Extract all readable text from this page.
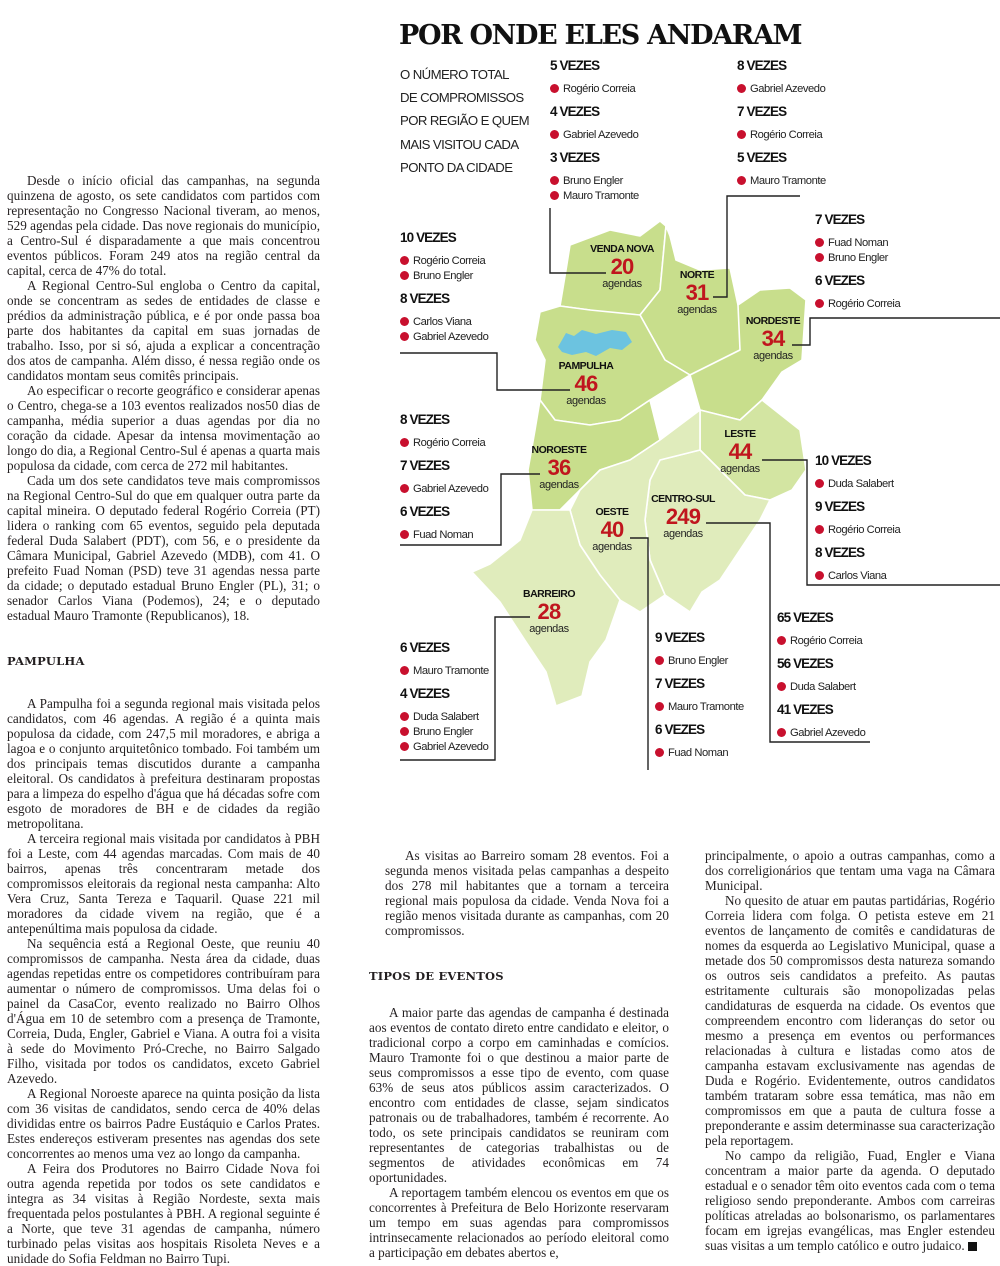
POR ONDE ELES ANDARAM
O NÚMERO TOTAL
DE COMPROMISSOS
POR REGIÃO E QUEM
MAIS VISITOU CADA
PONTO DA CIDADE
5 VEZES
Rogério Correia
4 VEZES
Gabriel Azevedo
3 VEZES
Bruno Engler
Mauro Tramonte
8 VEZES
Gabriel Azevedo
7 VEZES
Rogério Correia
5 VEZES
Mauro Tramonte
7 VEZES
Fuad Noman
Bruno Engler
6 VEZES
Rogério Correia
10 VEZES
Rogério Correia
Bruno Engler
8 VEZES
Carlos Viana
Gabriel Azevedo
8 VEZES
Rogério Correia
7 VEZES
Gabriel Azevedo
6 VEZES
Fuad Noman
10 VEZES
Duda Salabert
9 VEZES
Rogério Correia
8 VEZES
Carlos Viana
65 VEZES
Rogério Correia
56 VEZES
Duda Salabert
41 VEZES
Gabriel Azevedo
9 VEZES
Bruno Engler
7 VEZES
Mauro Tramonte
6 VEZES
Fuad Noman
6 VEZES
Mauro Tramonte
4 VEZES
Duda Salabert
Bruno Engler
Gabriel Azevedo
VENDA NOVA
20
agendas
NORTE
31
agendas
NORDESTE
34
agendas
PAMPULHA
46
agendas
NOROESTE
36
agendas
LESTE
44
agendas
OESTE
40
agendas
CENTRO-SUL
249
agendas
BARREIRO
28
agendas

Desde o início oficial das campanhas, na segunda quinzena de agosto, os sete candidatos com partidos com representação no Congresso Nacional tiveram, ao menos, 529 agendas pela cidade. Das nove regionais do município, a Centro-Sul é disparadamente a que mais concentrou eventos públicos. Foram 249 atos na região central da capital, cerca de 47% do total.

A Regional Centro-Sul engloba o Centro da capital, onde se concentram as sedes de entidades de classe e prédios da administração pública, e é por onde passa boa parte dos habitantes da capital em suas jornadas de trabalho. Isso, por si só, ajuda a explicar a concentração dos atos de campanha. Além disso, é nessa região onde os candidatos montam seus comitês principais.

Ao especificar o recorte geográfico e considerar apenas o Centro, chega-se a 103 eventos realizados nos50 dias de campanha, média superior a duas agendas por dia no coração da cidade. Apesar da intensa movimentação ao longo do dia, a Regional Centro-Sul é apenas a quarta mais populosa da cidade, com cerca de 272 mil habitantes.

Cada um dos sete candidatos teve mais compromissos na Regional Centro-Sul do que em qualquer outra parte da capital mineira. O deputado federal Rogério Correia (PT) lidera o ranking com 65 eventos, seguido pela deputada federal Duda Salabert (PDT), com 56, e o presidente da Câmara Municipal, Gabriel Azevedo (MDB), com 41. O prefeito Fuad Noman (PSD) teve 31 agendas nessa parte da cidade; o deputado estadual Bruno Engler (PL), 31; o senador Carlos Viana (Podemos), 24; e o deputado estadual Mauro Tramonte (Republicanos), 18.

PAMPULHA

A Pampulha foi a segunda regional mais visitada pelos candidatos, com 46 agendas. A região é a quinta mais populosa da cidade, com 247,5 mil moradores, e abriga a lagoa e o conjunto arquitetônico tombado. Foi também um dos principais temas discutidos durante a campanha eleitoral. Os candidatos à prefeitura destinaram propostas para a limpeza do espelho d'água que há décadas sofre com esgoto de moradores de BH e de cidades da região metropolitana.

A terceira regional mais visitada por candidatos à PBH foi a Leste, com 44 agendas marcadas. Com mais de 40 bairros, apenas três concentraram metade dos compromissos eleitorais da regional nesta campanha: Alto Vera Cruz, Santa Tereza e Taquaril. Quase 221 mil moradores da cidade vivem na região, que é a antepenúltima mais populosa da cidade.

Na sequência está a Regional Oeste, que reuniu 40 compromissos de campanha. Nesta área da cidade, duas agendas repetidas entre os competidores contribuíram para aumentar o número de compromissos. Uma delas foi o painel da CasaCor, evento realizado no Bairro Olhos d'Água em 10 de setembro com a presença de Tramonte, Correia, Duda, Engler, Gabriel e Viana. A outra foi a visita à sede do Movimento Pró-Creche, no Bairro Salgado Filho, visitada por todos os candidatos, exceto Gabriel Azevedo.

A Regional Noroeste aparece na quinta posição da lista com 36 visitas de candidatos, sendo cerca de 40% delas divididas entre os bairros Padre Eustáquio e Carlos Prates. Estes endereços estiveram presentes nas agendas dos sete concorrentes ao menos uma vez ao longo da campanha.

A Feira dos Produtores no Bairro Cidade Nova foi outra agenda repetida por todos os sete candidatos e integra as 34 visitas à Região Nordeste, sexta mais frequentada pelos postulantes à PBH. A regional seguinte é a Norte, que teve 31 agendas de campanha, número turbinado pelas visitas aos hospitais Risoleta Neves e a unidade do Sofia Feldman no Bairro Tupi.

As visitas ao Barreiro somam 28 eventos. Foi a segunda menos visitada pelas campanhas a despeito dos 278 mil habitantes que a tornam a terceira regional mais populosa da cidade. Venda Nova foi a região menos visitada durante as campanhas, com 20 compromissos.

TIPOS DE EVENTOS

A maior parte das agendas de campanha é destinada aos eventos de contato direto entre candidato e eleitor, o tradicional corpo a corpo em caminhadas e comícios. Mauro Tramonte foi o que destinou a maior parte de seus compromissos a esse tipo de evento, com quase 63% de seus atos públicos assim caracterizados. O encontro com entidades de classe, sejam sindicatos patronais ou de trabalhadores, também é recorrente. Ao todo, os sete principais candidatos se reuniram com representantes de categorias trabalhistas ou de segmentos de atividades econômicas em 74 oportunidades.

A reportagem também elencou os eventos em que os concorrentes à Prefeitura de Belo Horizonte reservaram um tempo em suas agendas para compromissos intrinsecamente relacionados ao período eleitoral como a participação em debates abertos e,

principalmente, o apoio a outras campanhas, como a dos correligionários que tentam uma vaga na Câmara Municipal.

No quesito de atuar em pautas partidárias, Rogério Correia lidera com folga. O petista esteve em 21 eventos de lançamento de comitês e candidaturas de nomes da esquerda ao Legislativo Municipal, quase a metade dos 50 compromissos desta natureza somando os outros seis candidatos a prefeito. As pautas estritamente culturais são monopolizadas pelas candidaturas de esquerda na cidade. Os eventos que compreendem encontro com lideranças do setor ou mesmo a presença em eventos ou performances relacionadas à cultura e listadas como atos de campanha estavam exclusivamente nas agendas de Duda e Rogério. Evidentemente, outros candidatos também trataram sobre essa temática, mas não em compromissos em que a pauta de cultura fosse a preponderante e assim determinasse sua caracterização pela reportagem.

No campo da religião, Fuad, Engler e Viana concentram a maior parte da agenda. O deputado estadual e o senador têm oito eventos cada com o tema religioso sendo preponderante. Ambos com carreiras políticas atreladas ao bolsonarismo, os parlamentares focam em igrejas evangélicas, mas Engler estendeu suas visitas a um templo católico e outro judaico.
